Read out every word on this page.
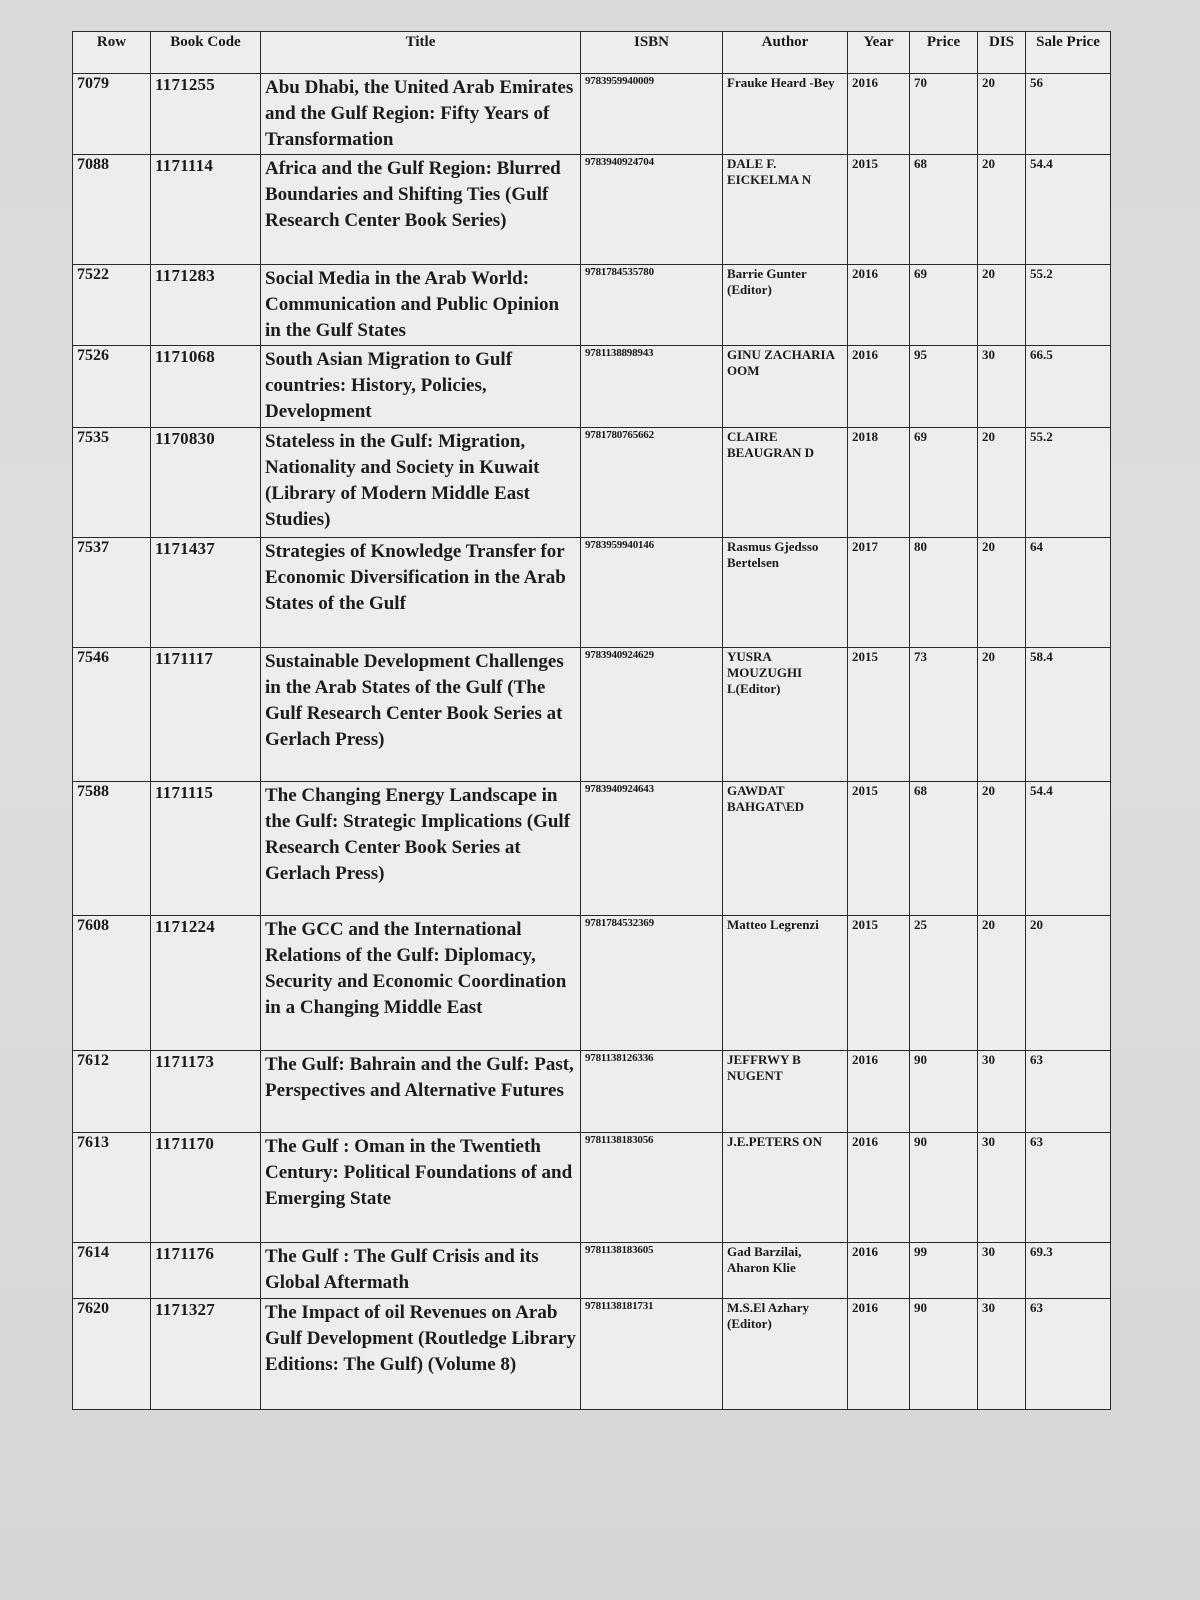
Row	Book Code	Title	ISBN	Author	Year	Price	DIS	Sale Price
7079	1171255	Abu Dhabi, the United Arab Emirates and the Gulf Region: Fifty Years of Transformation	9783959940009	Frauke Heard -Bey	2016	70	20	56
7088	1171114	Africa and the Gulf Region: Blurred Boundaries and Shifting Ties (Gulf Research Center Book Series)	9783940924704	DALE F. EICKELMA N	2015	68	20	54.4
7522	1171283	Social Media in the Arab World: Communication and Public Opinion in the Gulf States	9781784535780	Barrie Gunter (Editor)	2016	69	20	55.2
7526	1171068	South Asian Migration to Gulf countries: History, Policies, Development	9781138898943	GINU ZACHARIA OOM	2016	95	30	66.5
7535	1170830	Stateless in the Gulf: Migration, Nationality and Society in Kuwait (Library of Modern Middle East Studies)	9781780765662	CLAIRE BEAUGRAN D	2018	69	20	55.2
7537	1171437	Strategies of Knowledge Transfer for Economic Diversification in the Arab States of the Gulf	9783959940146	Rasmus Gjedsso Bertelsen	2017	80	20	64
7546	1171117	Sustainable Development Challenges in the Arab States of the Gulf (The Gulf Research Center Book Series at Gerlach Press)	9783940924629	YUSRA MOUZUGHI L(Editor)	2015	73	20	58.4
7588	1171115	The Changing Energy Landscape in the Gulf: Strategic Implications (Gulf Research Center Book Series at Gerlach Press)	9783940924643	GAWDAT BAHGAT\ED	2015	68	20	54.4
7608	1171224	The GCC and the International Relations of the Gulf: Diplomacy, Security and Economic Coordination in a Changing Middle East	9781784532369	Matteo Legrenzi	2015	25	20	20
7612	1171173	The Gulf: Bahrain and the Gulf: Past, Perspectives and Alternative Futures	9781138126336	JEFFRWY B NUGENT	2016	90	30	63
7613	1171170	The Gulf : Oman in the Twentieth Century: Political Foundations of and Emerging State	9781138183056	J.E.PETERS ON	2016	90	30	63
7614	1171176	The Gulf : The Gulf Crisis and its Global Aftermath	9781138183605	Gad Barzilai, Aharon Klie	2016	99	30	69.3
7620	1171327	The Impact of oil Revenues on Arab Gulf Development (Routledge Library Editions: The Gulf) (Volume 8)	9781138181731	M.S.El Azhary (Editor)	2016	90	30	63
